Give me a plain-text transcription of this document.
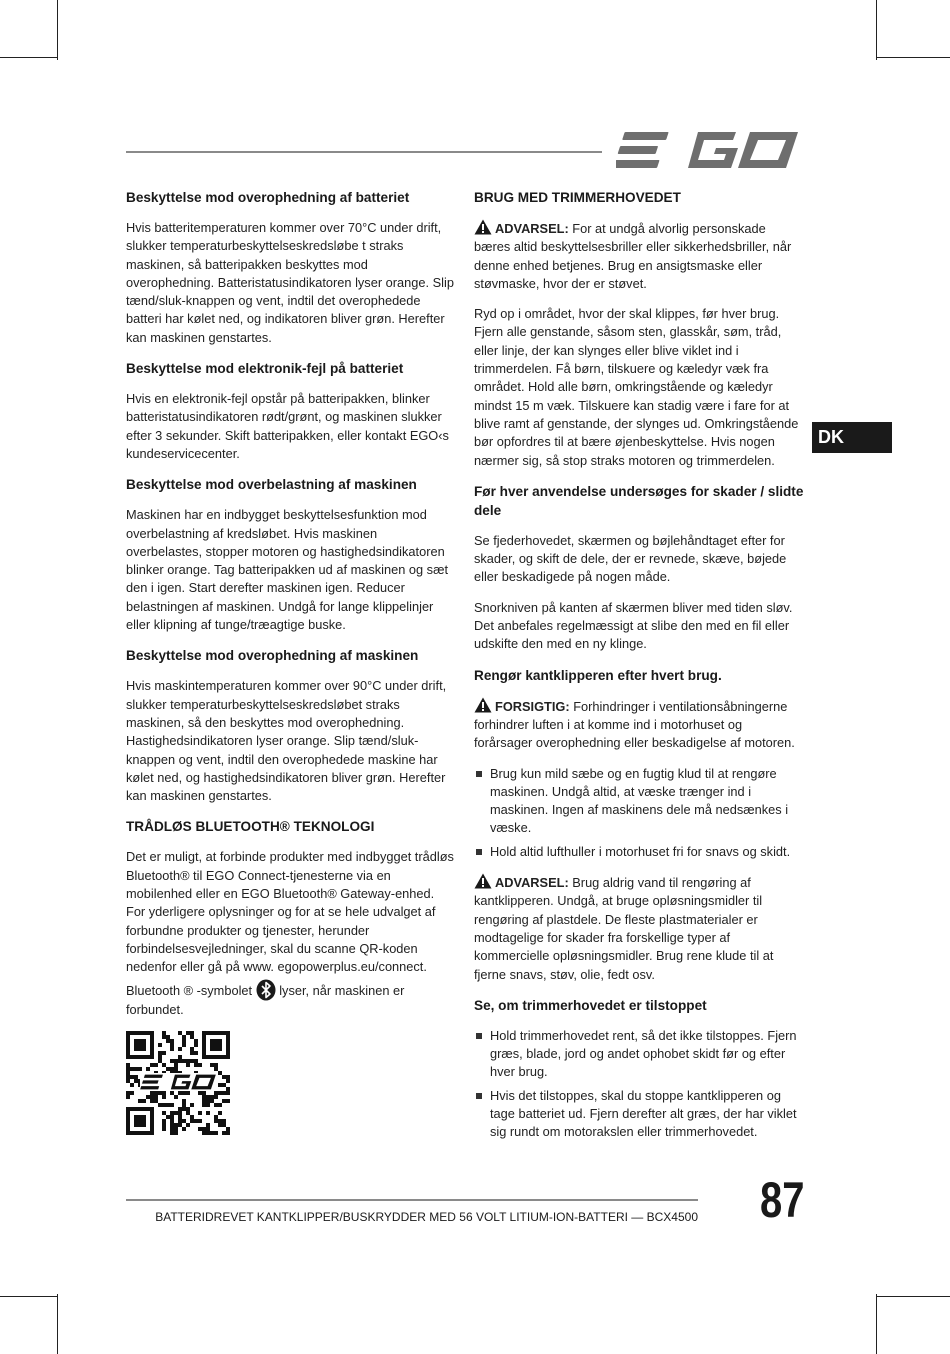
Beskyttelse mod overophedning af batteriet

Hvis batteritemperaturen kommer over 70°C under drift, slukker temperaturbeskyttelseskredsløbe t straks maskinen, så batteripakken beskyttes mod overophedning. Batteristatusindikatoren lyser orange. Slip tænd/sluk-knappen og vent, indtil det overophedede batteri har kølet ned, og indikatoren bliver grøn. Herefter kan maskinen genstartes.

Beskyttelse mod elektronik-fejl på batteriet

Hvis en elektronik-fejl opstår på batteripakken, blinker batteristatusindikatoren rødt/grønt, og maskinen slukker efter 3 sekunder. Skift batteripakken, eller kontakt EGO‹s kundeservicecenter.

Beskyttelse mod overbelastning af maskinen

Maskinen har en indbygget beskyttelsesfunktion mod overbelastning af kredsløbet. Hvis maskinen overbelastes, stopper motoren og hastighedsindikatoren blinker orange. Tag batteripakken ud af maskinen og sæt den i igen. Start derefter maskinen igen. Reducer belastningen af maskinen. Undgå for lange klippelinjer eller klipning af tunge/træagtige buske.

Beskyttelse mod overophedning af maskinen

Hvis maskintemperaturen kommer over 90°C under drift, slukker temperaturbeskyttelseskredsløbet straks maskinen, så den beskyttes mod overophedning. Hastighedsindikatoren lyser orange. Slip tænd/sluk-knappen og vent, indtil den overophedede maskine har kølet ned, og hastighedsindikatoren bliver grøn. Herefter kan maskinen genstartes.

TRÅDLØS BLUETOOTH® TEKNOLOGI

Det er muligt, at forbinde produkter med indbygget trådløs Bluetooth® til EGO Connect-tjenesterne via en mobilenhed eller en EGO Bluetooth® Gateway-enhed. For yderligere oplysninger og for at se hele udvalget af forbundne produkter og tjenester, herunder forbindelsesvejledninger, skal du scanne QR-koden nedenfor eller gå på www. egopowerplus.eu/connect.

Bluetooth ® -symbolet lyser, når maskinen er forbundet.

BRUG MED TRIMMERHOVEDET

ADVARSEL: For at undgå alvorlig personskade bæres altid beskyttelsesbriller eller sikkerhedsbriller, når denne enhed betjenes. Brug en ansigtsmaske eller støvmaske, hvor der er støvet.

Ryd op i området, hvor der skal klippes, før hver brug. Fjern alle genstande, såsom sten, glasskår, søm, tråd, eller linje, der kan slynges eller blive viklet ind i trimmerdelen. Få børn, tilskuere og kæledyr væk fra området. Hold alle børn, omkringstående og kæledyr mindst 15 m væk. Tilskuere kan stadig være i fare for at blive ramt af genstande, der slynges ud. Omkringstående bør opfordres til at bære øjenbeskyttelse. Hvis nogen nærmer sig, så stop straks motoren og trimmerdelen.

Før hver anvendelse undersøges for skader / slidte dele

Se fjederhovedet, skærmen og bøjlehåndtaget efter for skader, og skift de dele, der er revnede, skæve, bøjede eller beskadigede på nogen måde.

Snorkniven på kanten af skærmen bliver med tiden sløv. Det anbefales regelmæssigt at slibe den med en fil eller udskifte den med en ny klinge.

Rengør kantklipperen efter hvert brug.

FORSIGTIG: Forhindringer i ventilationsåbningerne forhindrer luften i at komme ind i motorhuset og forårsager overophedning eller beskadigelse af motoren.

Brug kun mild sæbe og en fugtig klud til at rengøre maskinen. Undgå altid, at væske trænger ind i maskinen. Ingen af maskinens dele må nedsænkes i væske.
Hold altid lufthuller i motorhuset fri for snavs og skidt.

ADVARSEL: Brug aldrig vand til rengøring af kantklipperen. Undgå, at bruge opløsningsmidler til rengøring af plastdele. De fleste plastmaterialer er modtagelige for skader fra forskellige typer af kommercielle opløsningsmidler. Brug rene klude til at fjerne snavs, støv, olie, fedt osv.

Se, om trimmerhovedet er tilstoppet
Hold trimmerhovedet rent, så det ikke tilstoppes. Fjern græs, blade, jord og andet ophobet skidt før og efter hver brug.
Hvis det tilstoppes, skal du stoppe kantklipperen og tage batteriet ud. Fjern derefter alt græs, der har viklet sig rundt om motorakslen eller trimmerhovedet.
DK
BATTERIDREVET KANTKLIPPER/BUSKRYDDER MED 56 VOLT LITIUM-ION-BATTERI — BCX4500 87
